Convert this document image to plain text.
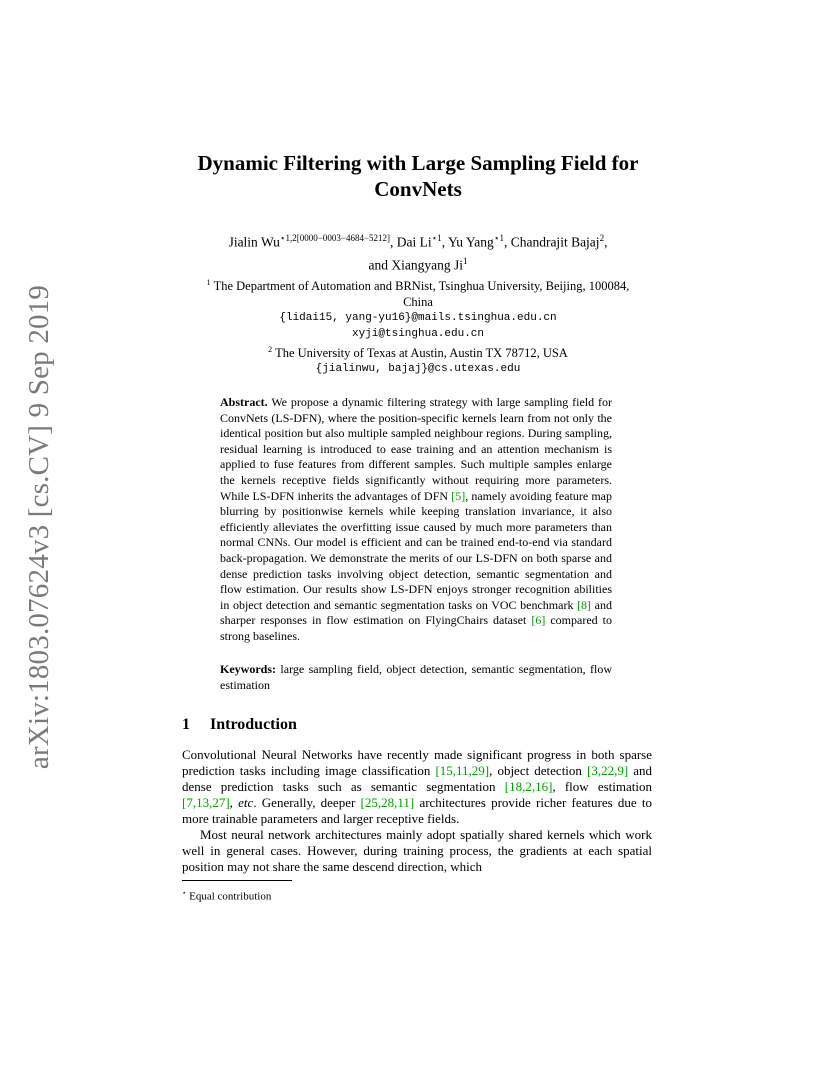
arXiv:1803.07624v3 [cs.CV] 9 Sep 2019
Dynamic Filtering with Large Sampling Field for
ConvNets
Jialin $Wu^{⋆1,2[0000-0003-4684-5212]}$, Dai $Li^{⋆1}$, Yu Yang$^{⋆1}$, Chandrajit Bajaj$^2$,
and Xiangyang Ji$^1$
$^1$ The Department of Automation and BRNist, Tsinghua University, Beijing, 100084,
China
{lidai15, yang-yu16}@mails.tsinghua.edu.cn
xyji@tsinghua.edu.cn
$^2$ The University of Texas at Austin, Austin TX 78712, USA
{jialinwu, bajaj}@cs.utexas.edu
Abstract. We propose a dynamic filtering strategy with large sampling field for ConvNets (LS-DFN), where the position-specific kernels learn from not only the identical position but also multiple sampled neighbour regions. During sampling, residual learning is introduced to ease training and an attention mechanism is applied to fuse features from different samples. Such multiple samples enlarge the kernels receptive fields significantly without requiring more parameters. While LS-DFN inherits the advantages of DFN [5], namely avoiding feature map blurring by positionwise kernels while keeping translation invariance, it also efficiently alleviates the overfitting issue caused by much more parameters than normal CNNs. Our model is efficient and can be trained end-to-end via standard back-propagation. We demonstrate the merits of our LS-DFN on both sparse and dense prediction tasks involving object detection, semantic segmentation and flow estimation. Our results show LS-DFN enjoys stronger recognition abilities in object detection and semantic segmentation tasks on VOC benchmark [8] and sharper responses in flow estimation on FlyingChairs dataset [6] compared to strong baselines.
Keywords: large sampling field, object detection, semantic segmentation, flow estimation
1 Introduction

Convolutional Neural Networks have recently made significant progress in both sparse prediction tasks including image classification [15,11,29], object detection [3,22,9] and dense prediction tasks such as semantic segmentation [18,2,16], flow estimation [7,13,27], etc. Generally, deeper [25,28,11] architectures provide richer features due to more trainable parameters and larger receptive fields.

Most neural network architectures mainly adopt spatially shared kernels which work well in general cases. However, during training process, the gradients at each spatial position may not share the same descend direction, which

⋆ Equal contribution
